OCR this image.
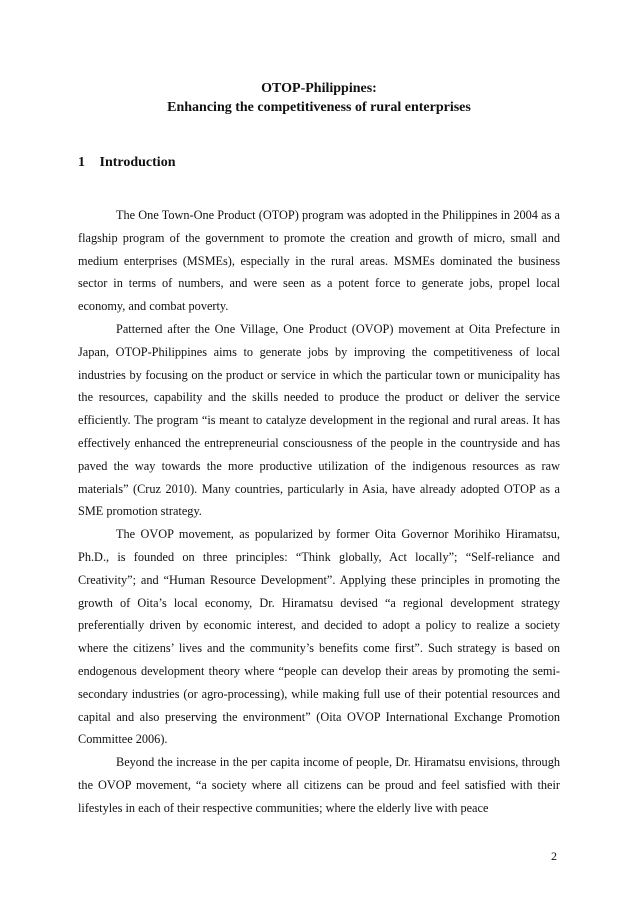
OTOP-Philippines:
Enhancing the competitiveness of rural enterprises
1 Introduction

The One Town-One Product (OTOP) program was adopted in the Philippines in 2004 as a flagship program of the government to promote the creation and growth of micro, small and medium enterprises (MSMEs), especially in the rural areas. MSMEs dominated the business sector in terms of numbers, and were seen as a potent force to generate jobs, propel local economy, and combat poverty.

Patterned after the One Village, One Product (OVOP) movement at Oita Prefecture in Japan, OTOP-Philippines aims to generate jobs by improving the competitiveness of local industries by focusing on the product or service in which the particular town or municipality has the resources, capability and the skills needed to produce the product or deliver the service efficiently. The program “is meant to catalyze development in the regional and rural areas. It has effectively enhanced the entrepreneurial consciousness of the people in the countryside and has paved the way towards the more productive utilization of the indigenous resources as raw materials” (Cruz 2010). Many countries, particularly in Asia, have already adopted OTOP as a SME promotion strategy.

The OVOP movement, as popularized by former Oita Governor Morihiko Hiramatsu, Ph.D., is founded on three principles: “Think globally, Act locally”; “Self-reliance and Creativity”; and “Human Resource Development”. Applying these principles in promoting the growth of Oita’s local economy, Dr. Hiramatsu devised “a regional development strategy preferentially driven by economic interest, and decided to adopt a policy to realize a society where the citizens’ lives and the community’s benefits come first”. Such strategy is based on endogenous development theory where “people can develop their areas by promoting the semi-secondary industries (or agro-processing), while making full use of their potential resources and capital and also preserving the environment” (Oita OVOP International Exchange Promotion Committee 2006).

Beyond the increase in the per capita income of people, Dr. Hiramatsu envisions, through the OVOP movement, “a society where all citizens can be proud and feel satisfied with their lifestyles in each of their respective communities; where the elderly live with peace

2
